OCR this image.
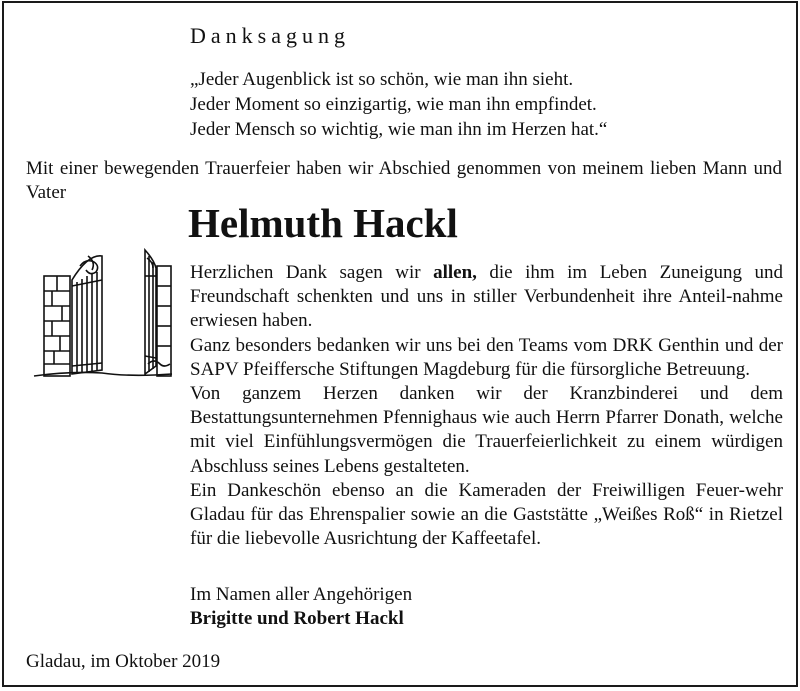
Danksagung
„Jeder Augenblick ist so schön, wie man ihn sieht.
Jeder Moment so einzigartig, wie man ihn empfindet.
Jeder Mensch so wichtig, wie man ihn im Herzen hat.“
Mit einer bewegenden Trauerfeier haben wir Abschied genommen von meinem lieben Mann und Vater
Helmuth Hackl

Herzlichen Dank sagen wir allen, die ihm im Leben Zuneigung und Freundschaft schenkten und uns in stiller Verbundenheit ihre Anteil-nahme erwiesen haben.

Ganz besonders bedanken wir uns bei den Teams vom DRK Genthin und der SAPV Pfeiffersche Stiftungen Magdeburg für die fürsorgliche Betreuung.

Von ganzem Herzen danken wir der Kranzbinderei und dem Bestattungsunternehmen Pfennighaus wie auch Herrn Pfarrer Donath, welche mit viel Einfühlungsvermögen die Trauerfeierlichkeit zu einem würdigen Abschluss seines Lebens gestalteten.

Ein Dankeschön ebenso an die Kameraden der Freiwilligen Feuer-wehr Gladau für das Ehrenspalier sowie an die Gaststätte „Weißes Roß“ in Rietzel für die liebevolle Ausrichtung der Kaffeetafel.

Im Namen aller Angehörigen
Brigitte und Robert Hackl
Gladau, im Oktober 2019
